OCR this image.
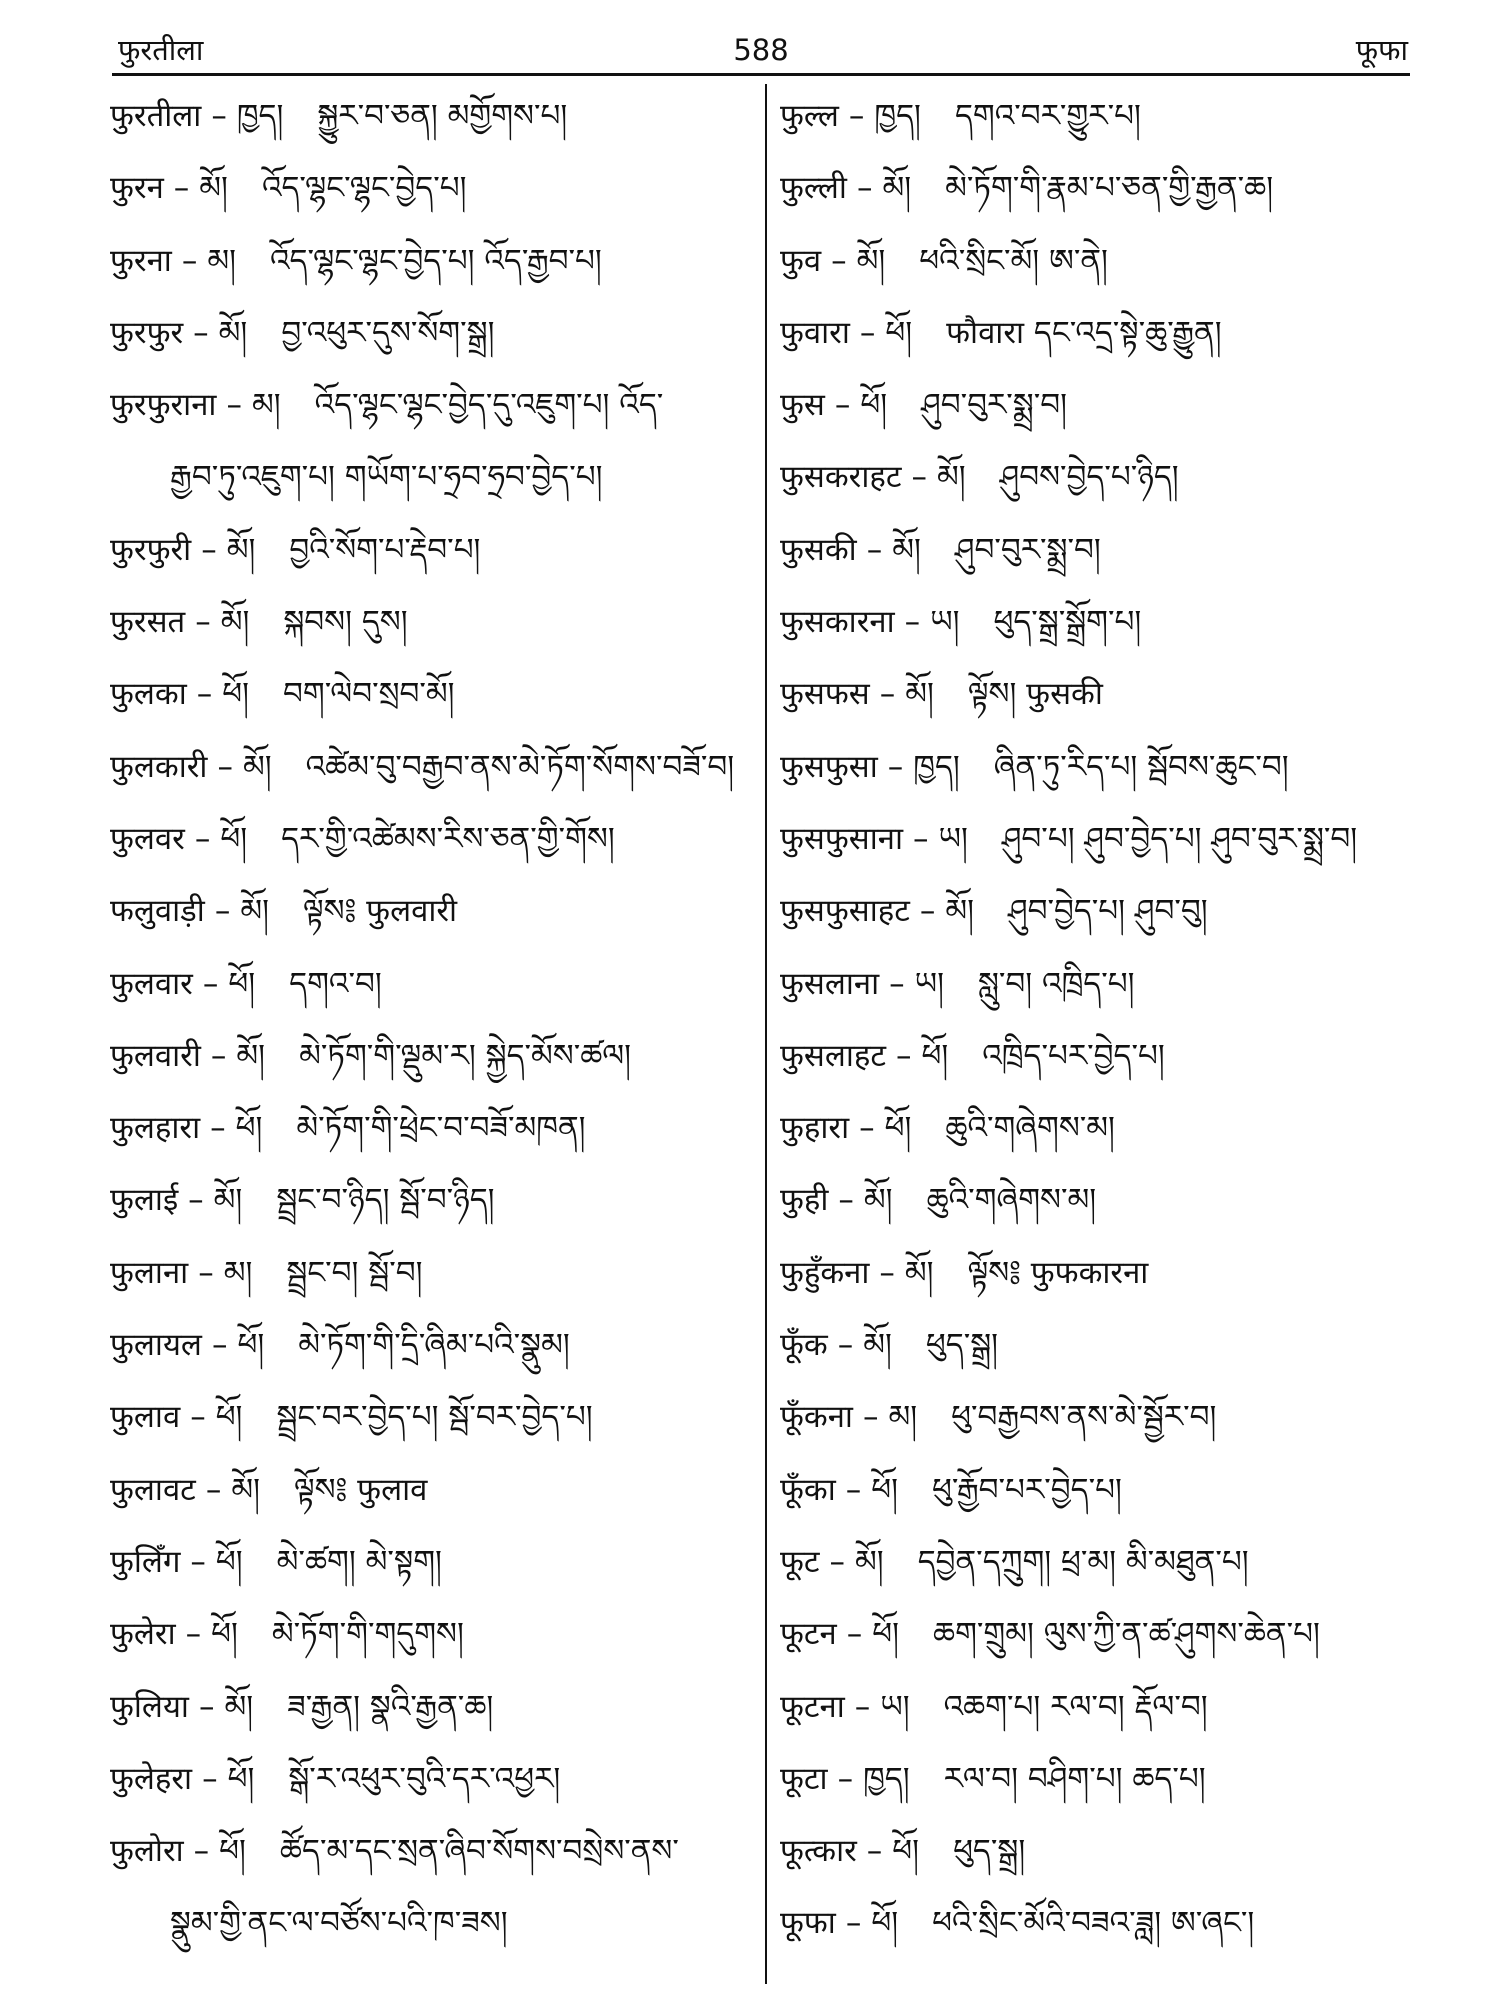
फुरतीला	588	फूफा
फुरतीला – ཁྱད། སྐྱུར་བ་ཅན། མགྱོགས་པ།
फुरन – མོ། འོད་ལྷང་ལྷང་བྱེད་པ།
फुरना – མ། འོད་ལྷང་ལྷང་བྱེད་པ། འོད་རྒྱབ་པ།
फुरफुर – མོ། བྱ་འཕུར་དུས་སོག་སྒྲ།
फुरफुराना – མ། འོད་ལྷང་ལྷང་བྱེད་དུ་འཇུག་པ། འོད་
རྒྱབ་ཏུ་འཇུག་པ། གཡོག་པ་ཧྲབ་ཧྲབ་བྱེད་པ།
फुरफुरी – མོ། བྱའི་སོག་པ་རྡེབ་པ།
फुरसत – མོ། སྐབས། དུས།
फुलका – ཕོ། བག་ལེབ་སྲབ་མོ།
फुलकारी – མོ། འཚེམ་བུ་བརྒྱབ་ནས་མེ་ཏོག་སོགས་བཟོ་བ།
फुलवर – ཕོ། དར་གྱི་འཚེམས་རིས་ཅན་གྱི་གོས།
फलुवाड़ी – མོ། ལྟོས༔ फुलवारी
फुलवार – ཕོ། དགའ་བ།
फुलवारी – མོ། མེ་ཏོག་གི་ལྡུམ་ར། སྐྱེད་མོས་ཚལ།
फुलहारा – ཕོ། མེ་ཏོག་གི་ཕྲེང་བ་བཟོ་མཁན།
फुलाई – མོ། སྦྲང་བ་ཉིད། སྦོ་བ་ཉིད།
फुलाना – མ། སྦྲང་བ། སྦོ་བ།
फुलायल – ཕོ། མེ་ཏོག་གི་དྲི་ཞིམ་པའི་སྣུམ།
फुलाव – ཕོ། སྦྲང་བར་བྱེད་པ། སྦོ་བར་བྱེད་པ།
फुलावट – མོ། ལྟོས༔ फुलाव
फुलिँग – ཕོ། མེ་ཚག། མེ་སྟག།
फुलेरा – ཕོ། མེ་ཏོག་གི་གདུགས།
फुलिया – མོ། ཟ་རྒྱན། སྣའི་རྒྱན་ཆ།
फुलेहरा – ཕོ། སྒོ་ར་འཕུར་བུའི་དར་འཕྱར།
फुलोरा – ཕོ། ཚོད་མ་དང་སྲན་ཞིབ་སོགས་བསྲེས་ནས་
སྣུམ་གྱི་ནང་ལ་བཙོས་པའི་ཁ་ཟས།
फुल्ल – ཁྱད། དགའ་བར་གྱུར་པ།
फुल्ली – མོ། མེ་ཏོག་གི་རྣམ་པ་ཅན་གྱི་རྒྱན་ཆ།
फुव – མོ། ཕའི་སྲིང་མོ། ཨ་ནེ།
फुवारा – ཕོ། फौवारा དང་འདྲ་སྟེ་ཆུ་རྒྱུན།
फुस – ཕོ། ཤུབ་བུར་སྨྲ་བ།
फुसकराहट – མོ། ཤུབས་བྱེད་པ་ཉིད།
फुसकी – མོ། ཤུབ་བུར་སྨྲ་བ།
फुसकारना – ཡ། ཕུད་སྒྲ་སྒྲོག་པ།
फुसफस – མོ། ལྟོས། फुसकी
फुसफुसा – ཁྱད། ཞིན་ཏུ་རིད་པ། སྦོབས་ཆུང་བ།
फुसफुसाना – ཡ། ཤུབ་པ། ཤུབ་བྱེད་པ། ཤུབ་བུར་སྨྲ་བ།
फुसफुसाहट – མོ། ཤུབ་བྱེད་པ། ཤུབ་བུ།
फुसलाना – ཡ། སླུ་བ། འཁྲིད་པ།
फुसलाहट – ཕོ། འཁྲིད་པར་བྱེད་པ།
फुहारा – ཕོ། ཆུའི་གཞེགས་མ།
फुही – མོ། ཆུའི་གཞེགས་མ།
फुहुँकना – མོ། ལྟོས༔ फुफकारना
फूँक – མོ། ཕུད་སྒྲ།
फूँकना – མ། ཕུ་བརྒྱབས་ནས་མེ་སྦྱོར་བ།
फूँका – ཕོ། ཕུ་རྒྱོབ་པར་བྱེད་པ།
फूट – མོ། དབྱེན་དཀྲུག། ཕྲ་མ། མི་མཐུན་པ།
फूटन – ཕོ། ཆག་གྲུམ། ལུས་ཀྱི་ན་ཚ་ཤུགས་ཆེན་པ།
फूटना – ཡ། འཆག་པ། རལ་བ། རྡོལ་བ།
फूटा – ཁྱད། རལ་བ། བཤིག་པ། ཆད་པ།
फूत्कार – ཕོ། ཕུད་སྒྲ།
फूफा – ཕོ། ཕའི་སྲིང་མོའི་བཟའ་ཟླ། ཨ་ཞང་།
